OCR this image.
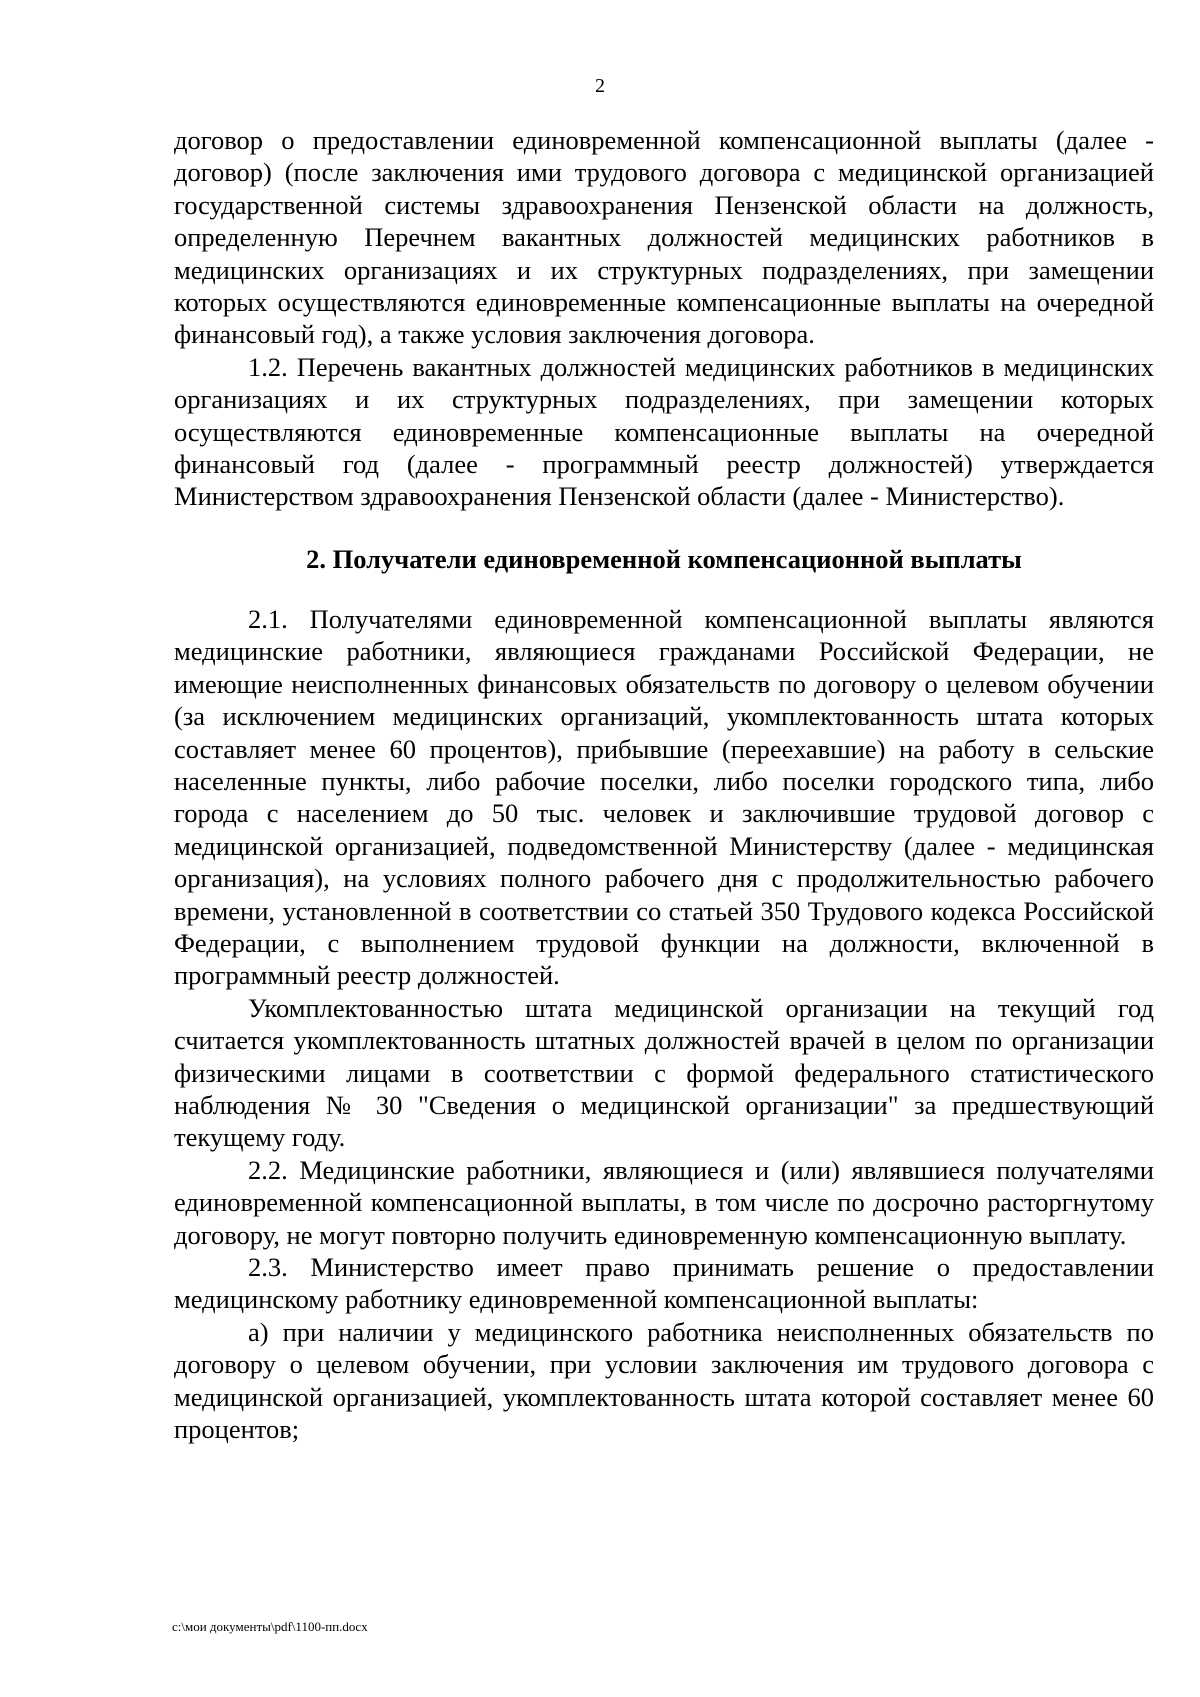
2

договор о предоставлении единовременной компенсационной выплаты (далее - договор) (после заключения ими трудового договора с медицинской организацией государственной системы здравоохранения Пензенской области на должность, определенную Перечнем вакантных должностей медицинских работников в медицинских организациях и их структурных подразделениях, при замещении которых осуществляются единовременные компенсационные выплаты на очередной финансовый год), а также условия заключения договора.

1.2. Перечень вакантных должностей медицинских работников в медицинских организациях и их структурных подразделениях, при замещении которых осуществляются единовременные компенсационные выплаты на очередной финансовый год (далее - программный реестр должностей) утверждается Министерством здравоохранения Пензенской области (далее - Министерство).

2. Получатели единовременной компенсационной выплаты

2.1. Получателями единовременной компенсационной выплаты являются медицинские работники, являющиеся гражданами Российской Федерации, не имеющие неисполненных финансовых обязательств по договору о целевом обучении (за исключением медицинских организаций, укомплектованность штата которых составляет менее 60 процентов), прибывшие (переехавшие) на работу в сельские населенные пункты, либо рабочие поселки, либо поселки городского типа, либо города с населением до 50 тыс. человек и заключившие трудовой договор с медицинской организацией, подведомственной Министерству (далее - медицинская организация), на условиях полного рабочего дня с продолжительностью рабочего времени, установленной в соответствии со статьей 350 Трудового кодекса Российской Федерации, с выполнением трудовой функции на должности, включенной в программный реестр должностей.

Укомплектованностью штата медицинской организации на текущий год считается укомплектованность штатных должностей врачей в целом по организации физическими лицами в соответствии с формой федерального статистического наблюдения № 30 "Сведения о медицинской организации" за предшествующий текущему году.

2.2. Медицинские работники, являющиеся и (или) являвшиеся получателями единовременной компенсационной выплаты, в том числе по досрочно расторгнутому договору, не могут повторно получить единовременную компенсационную выплату.

2.3. Министерство имеет право принимать решение о предоставлении медицинскому работнику единовременной компенсационной выплаты:

а) при наличии у медицинского работника неисполненных обязательств по договору о целевом обучении, при условии заключения им трудового договора с медицинской организацией, укомплектованность штата которой составляет менее 60 процентов;

c:\мои документы\pdf\1100-пп.docx
